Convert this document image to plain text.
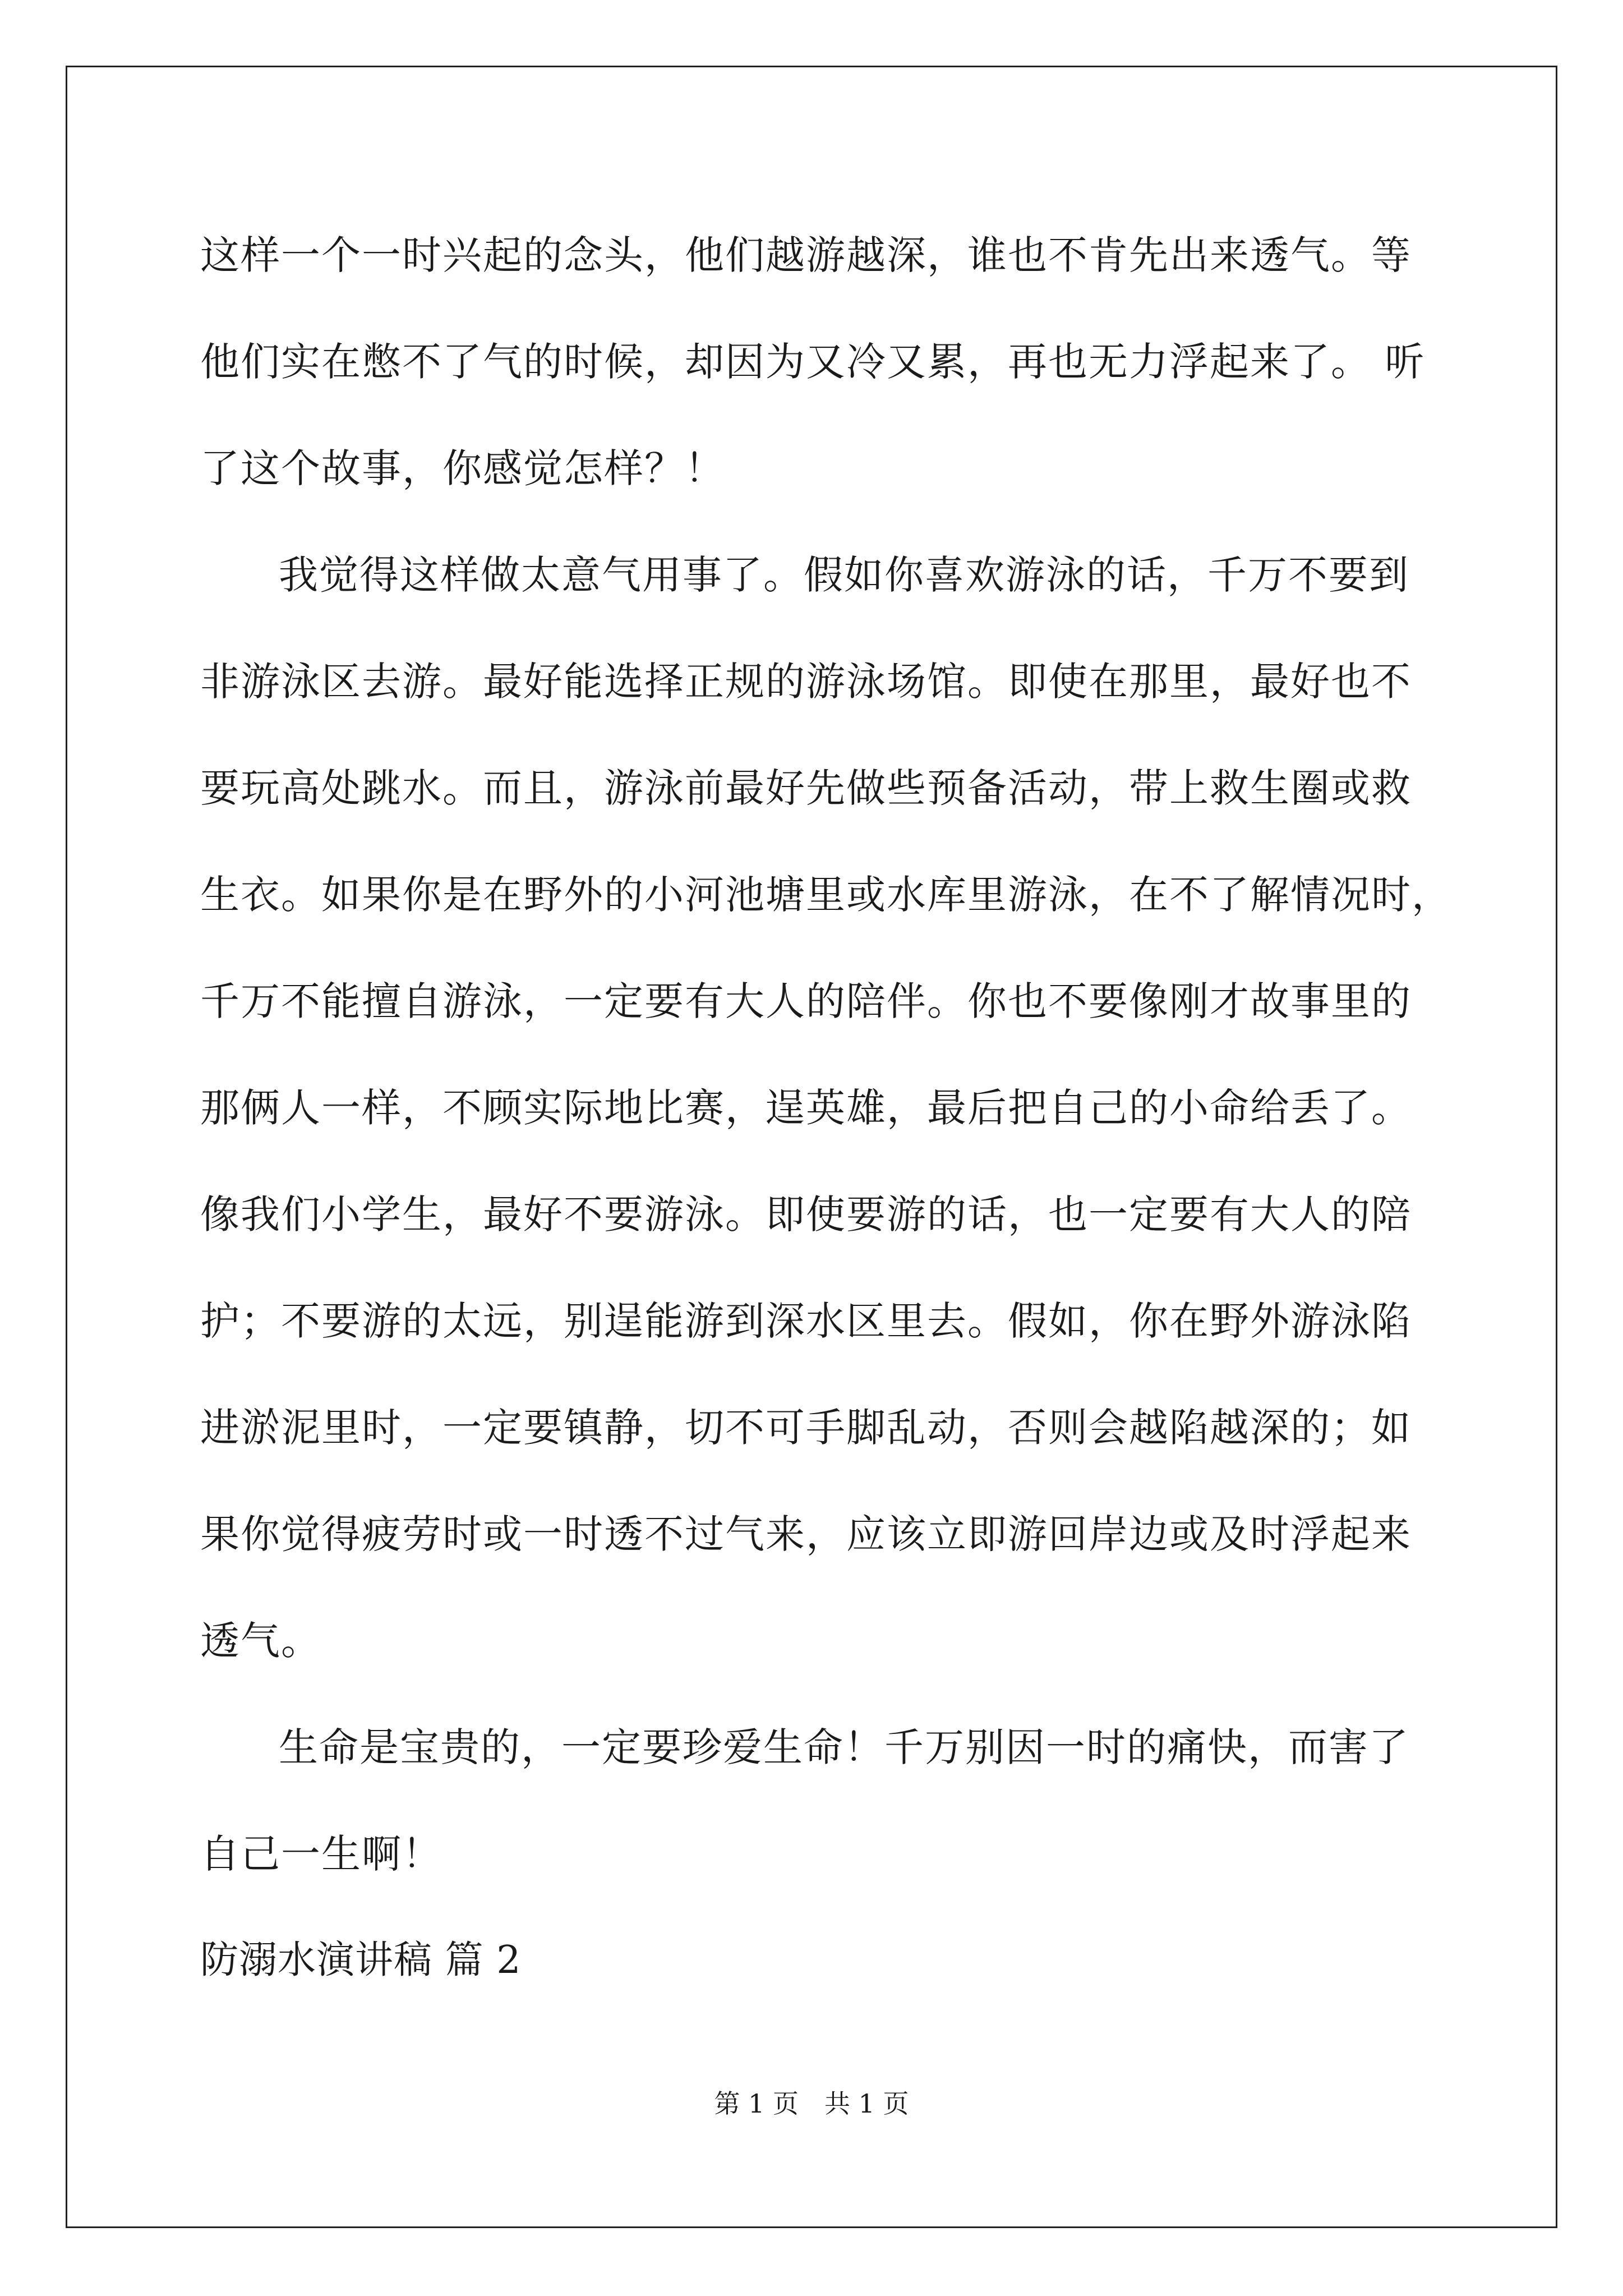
这样一个一时兴起的念头，他们越游越深，谁也不肯先出来透气。等
他们实在憋不了气的时候，却因为又冷又累，再也无力浮起来了。 听
了这个故事，你感觉怎样？！
我觉得这样做太意气用事了。假如你喜欢游泳的话，千万不要到
非游泳区去游。最好能选择正规的游泳场馆。即使在那里，最好也不
要玩高处跳水。而且，游泳前最好先做些预备活动，带上救生圈或救
生衣。如果你是在野外的小河池塘里或水库里游泳，在不了解情况时，
千万不能擅自游泳，一定要有大人的陪伴。你也不要像刚才故事里的
那俩人一样，不顾实际地比赛，逞英雄，最后把自己的小命给丢了。
像我们小学生，最好不要游泳。即使要游的话，也一定要有大人的陪
护；不要游的太远，别逞能游到深水区里去。假如，你在野外游泳陷
进淤泥里时，一定要镇静，切不可手脚乱动，否则会越陷越深的；如
果你觉得疲劳时或一时透不过气来，应该立即游回岸边或及时浮起来
透气。
生命是宝贵的，一定要珍爱生命！千万别因一时的痛快，而害了
自己一生啊！
防溺水演讲稿 篇 2
第 1 页　共 1 页
